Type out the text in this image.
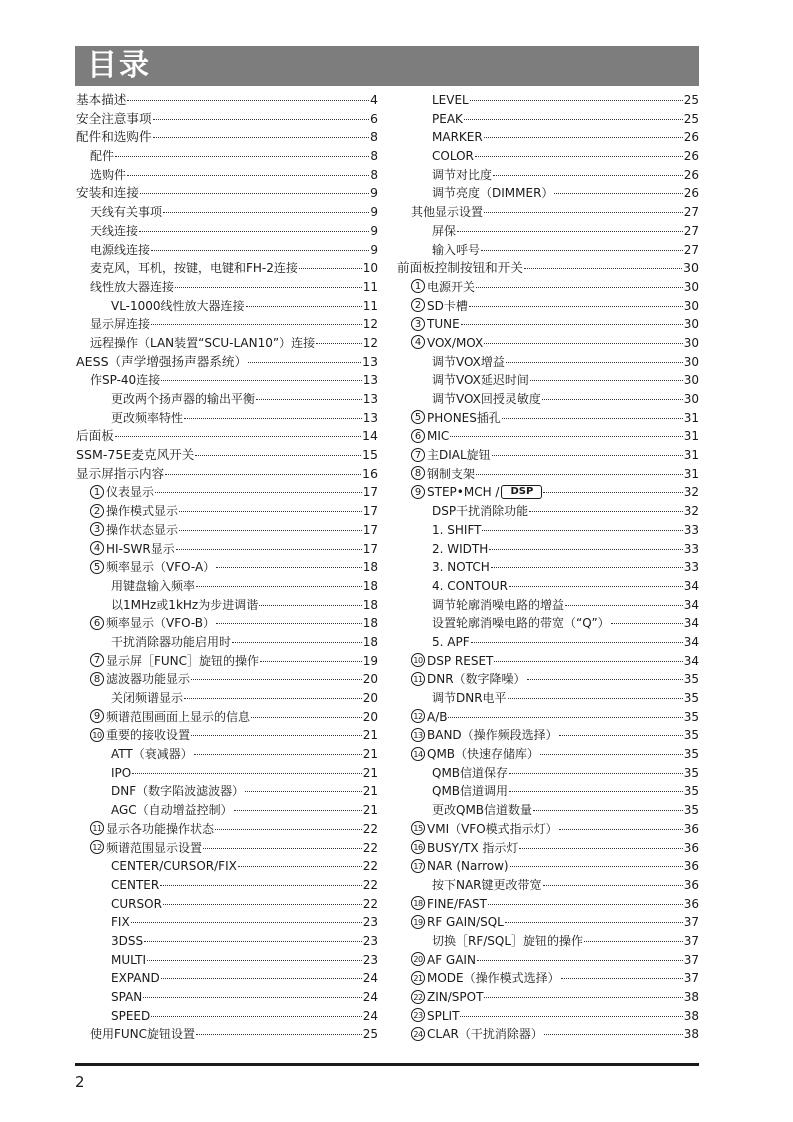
目录
基本描述	4
安全注意事项	6
配件和选购件	8
配件	8
选购件	8
安装和连接	9
天线有关事项	9
天线连接	9
电源线连接	9
麦克风，耳机，按键，电键和FH-2连接	10
线性放大器连接	11
VL-1000线性放大器连接	11
显示屏连接	12
远程操作（LAN装置“SCU-LAN10”）连接	12
AESS（声学增强扬声器系统）	13
作SP-40连接	13
更改两个扬声器的输出平衡	13
更改频率特性	13
后面板	14
SSM-75E麦克风开关	15
显示屏指示内容	16
1 仪表显示	17
2 操作模式显示	17
3 操作状态显示	17
4 HI-SWR显示	17
5 频率显示（VFO-A）	18
用键盘输入频率	18
以1MHz或1kHz为步进调谐	18
6 频率显示（VFO-B）	18
干扰消除器功能启用时	18
7 显示屏［FUNC］旋钮的操作	19
8 滤波器功能显示	20
关闭频谱显示	20
9 频谱范围画面上显示的信息	20
10 重要的接收设置	21
ATT（衰减器）	21
IPO	21
DNF（数字陷波滤波器）	21
AGC（自动增益控制）	21
11 显示各功能操作状态	22
12 频谱范围显示设置	22
CENTER/CURSOR/FIX	22
CENTER	22
CURSOR	22
FIX	23
3DSS	23
MULTI	23
EXPAND	24
SPAN	24
SPEED	24
使用FUNC旋钮设置	25
LEVEL	25
PEAK	25
MARKER	26
COLOR	26
调节对比度	26
调节亮度（DIMMER）	26
其他显示设置	27
屏保	27
输入呼号	27
前面板控制按钮和开关	30
1 电源开关	30
2 SD卡槽	30
3 TUNE	30
4 VOX/MOX	30
调节VOX增益	30
调节VOX延迟时间	30
调节VOX回授灵敏度	30
5 PHONES插孔	31
6 MIC	31
7 主DIAL旋钮	31
8 钢制支架	31
9 STEP•MCH / DSP	32
DSP干扰消除功能	32
1. SHIFT	33
2. WIDTH	33
3. NOTCH	33
4. CONTOUR	34
调节轮廓消噪电路的增益	34
设置轮廓消噪电路的带宽（“Q”）	34
5. APF	34
10 DSP RESET	34
11 DNR（数字降噪）	35
调节DNR电平	35
12 A/B	35
13 BAND（操作频段选择）	35
14 QMB（快速存储库）	35
QMB信道保存	35
QMB信道调用	35
更改QMB信道数量	35
15 VMI（VFO模式指示灯）	36
16 BUSY/TX 指示灯	36
17 NAR (Narrow)	36
按下NAR键更改带宽	36
18 FINE/FAST	36
19 RF GAIN/SQL	37
切换［RF/SQL］旋钮的操作	37
20 AF GAIN	37
21 MODE（操作模式选择）	37
22 ZIN/SPOT	38
23 SPLIT	38
24 CLAR（干扰消除器）	38
2
